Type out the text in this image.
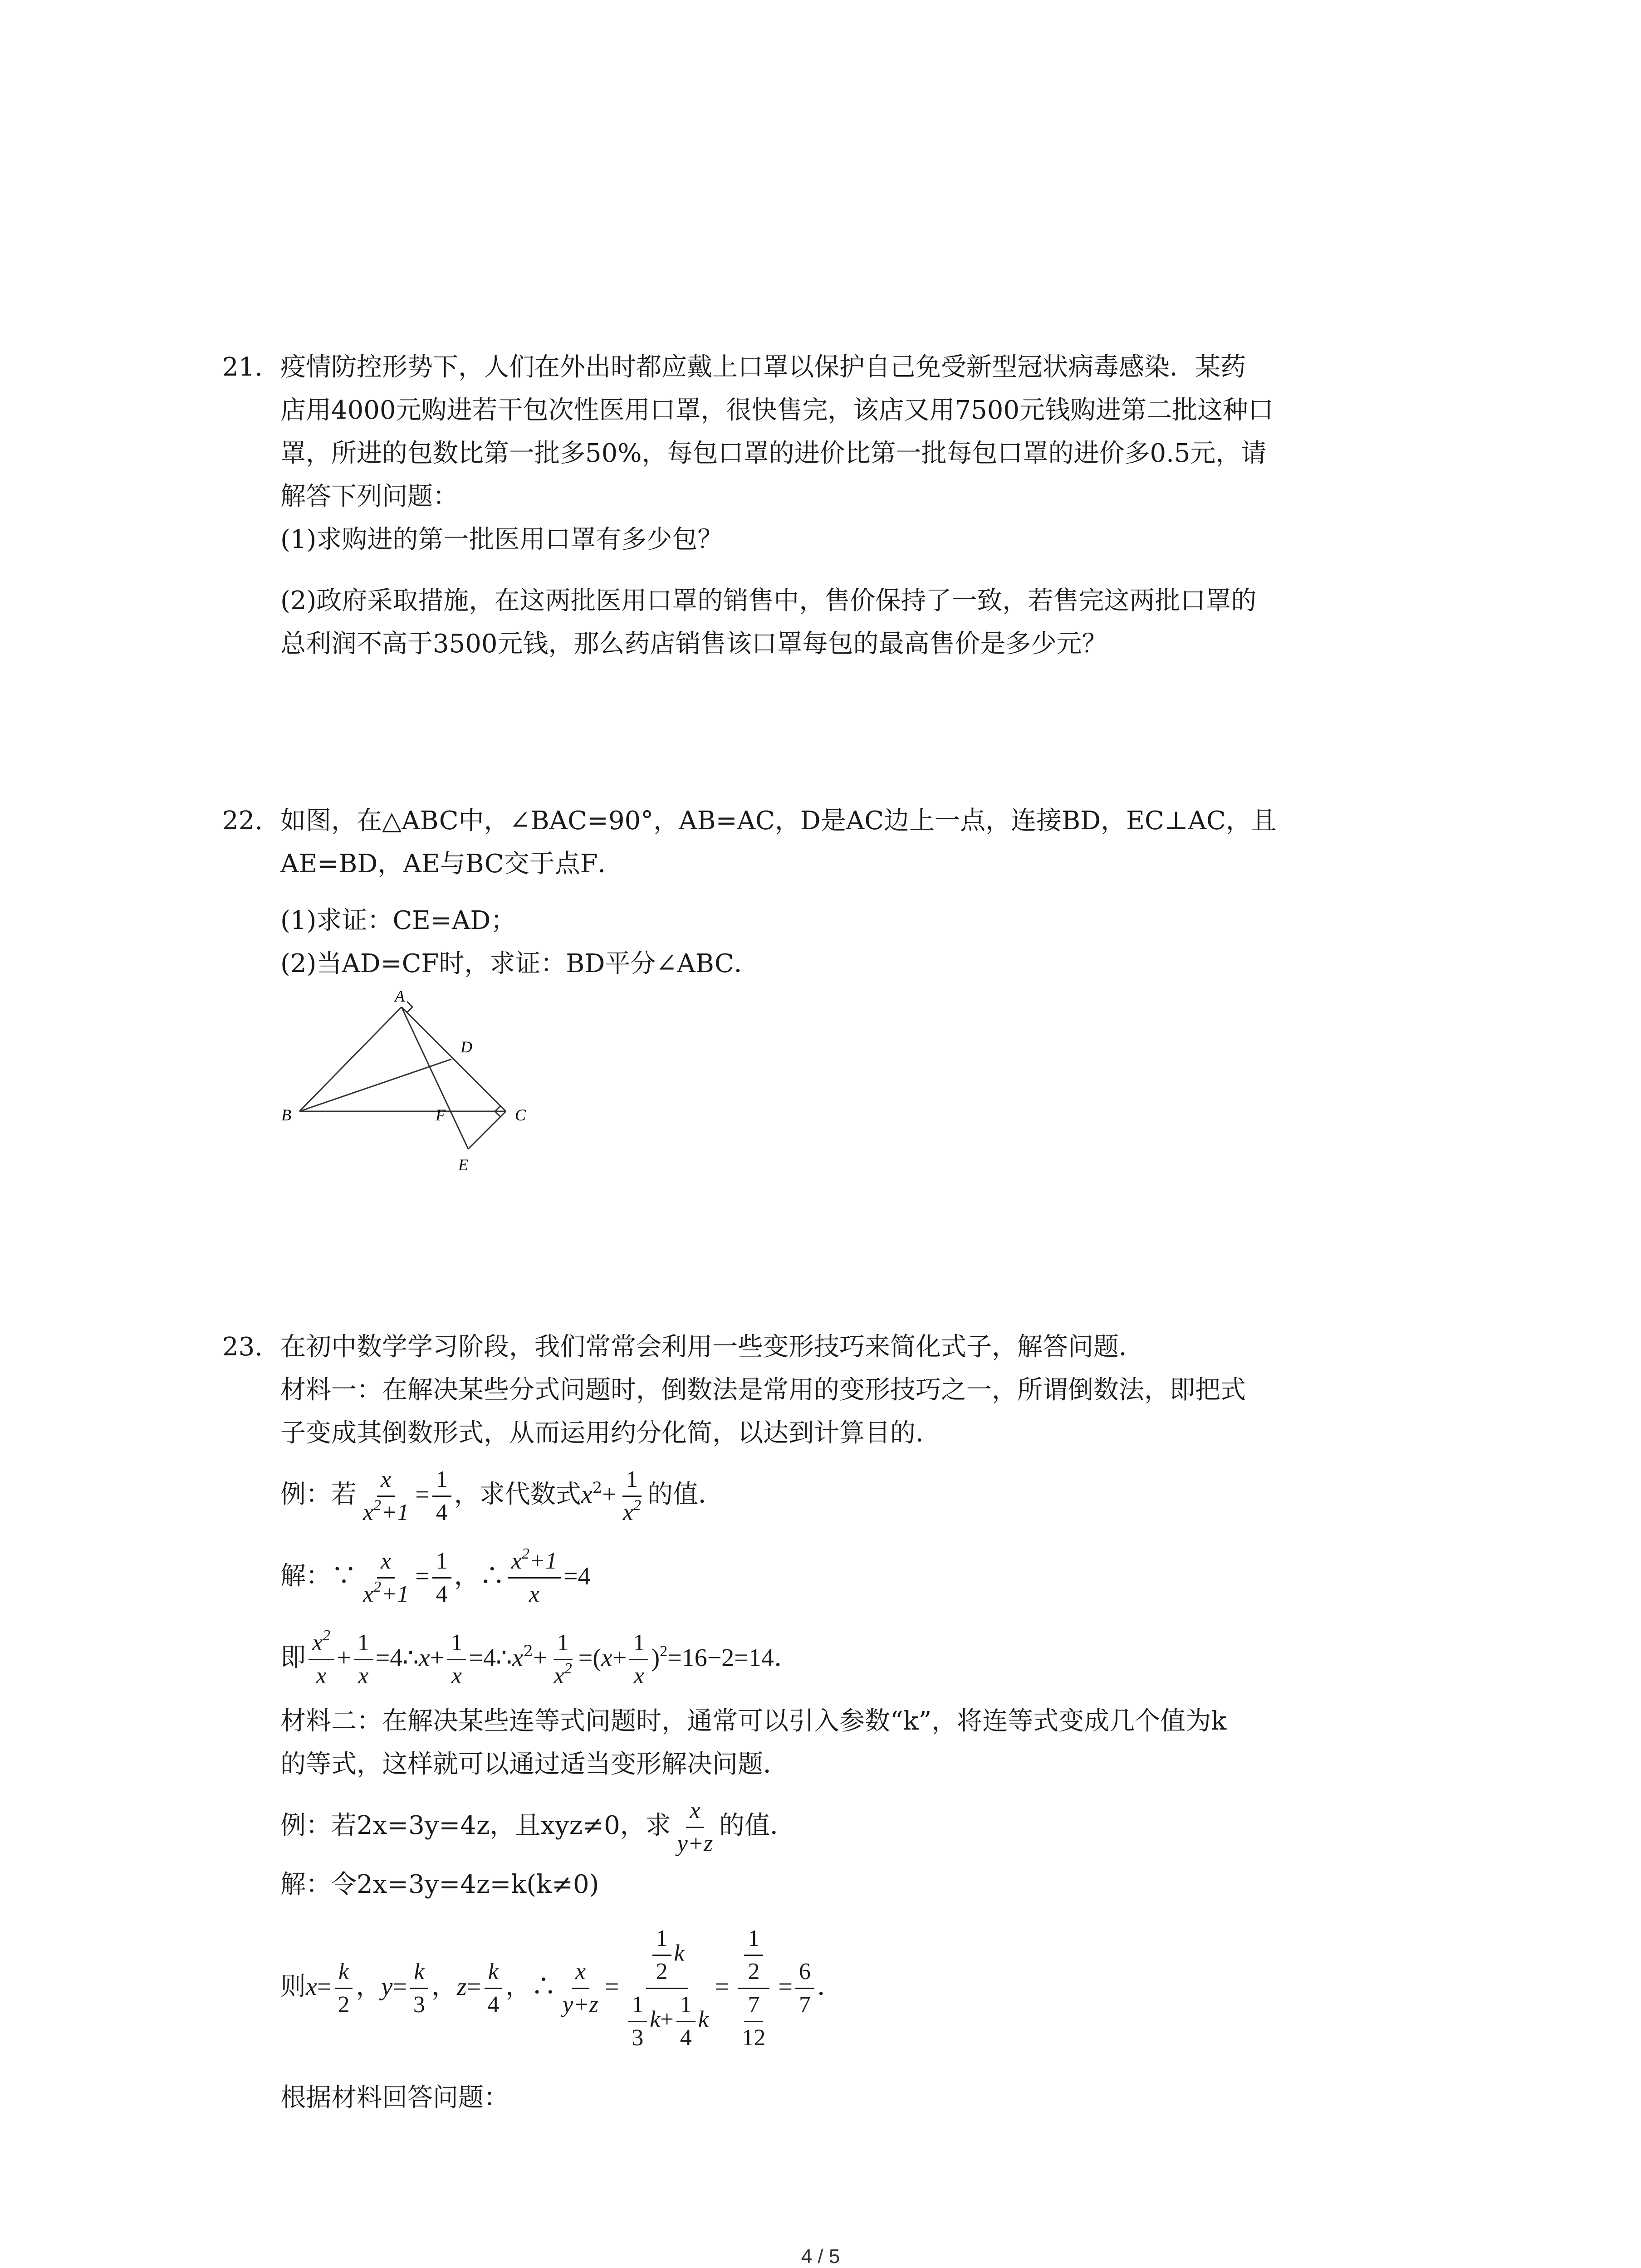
21. 疫情防控形势下，人们在外出时都应戴上口罩以保护自己免受新型冠状病毒感染．某药
店用4000元购进若干包次性医用口罩，很快售完，该店又用7500元钱购进第二批这种口
罩，所进的包数比第一批多50%，每包口罩的进价比第一批每包口罩的进价多0.5元，请
解答下列问题：
(1)求购进的第一批医用口罩有多少包？
(2)政府采取措施，在这两批医用口罩的销售中，售价保持了一致，若售完这两批口罩的
总利润不高于3500元钱，那么药店销售该口罩每包的最高售价是多少元？
22. 如图，在△ABC中，∠BAC=90°，AB=AC，D是AC边上一点，连接BD，EC⊥AC，且
AE=BD，AE与BC交于点F．
(1)求证：CE=AD；
(2)当AD=CF时，求证：BD平分∠ABC．
A
D
B	F	C
E
23. 在初中数学学习阶段，我们常常会利用一些变形技巧来简化式子，解答问题．
材料一：在解决某些分式问题时，倒数法是常用的变形技巧之一，所谓倒数法，即把式
子变成其倒数形式，从而运用约分化简，以达到计算目的．
例：若 $\frac{x}{x^2+1} = \frac{1}{4}$ ，求代数式$x^2+ \frac{1}{x^2}$ 的值．
解：∵ $\frac{x}{x^2+1} = \frac{1}{4}$ ，∴ $\frac{x^2+1}{x} =4$
即 $\frac{x^2}{x} + \frac{1}{x}$ =4∴x+ $\frac{1}{x}$ $=4\therefore x^2+ \frac{1}{x^2} =(x+ \frac{1}{x} )^2=16-2=14$．
材料二：在解决某些连等式问题时，通常可以引入参数“k”，将连等式变成几个值为k
的等式，这样就可以通过适当变形解决问题．
例：若2x=3y=4z，且xyz≠0，求 $\frac{x}{y+z}$ 的值．
解：令2x=3y=4z=k(k≠0)
则$x= \frac{k}{2}$ ，$y= \frac{k}{3}$ ，$z= \frac{k}{4}$ ，∴ $\frac{x}{y+z} = \frac{\frac{1}{2} k}{\frac{1}{3} k+ \frac{1}{4} k} = \frac{\frac{1}{2}}{\frac{7}{12}} = \frac{6}{7}$ ．
根据材料回答问题：
4 / 5
